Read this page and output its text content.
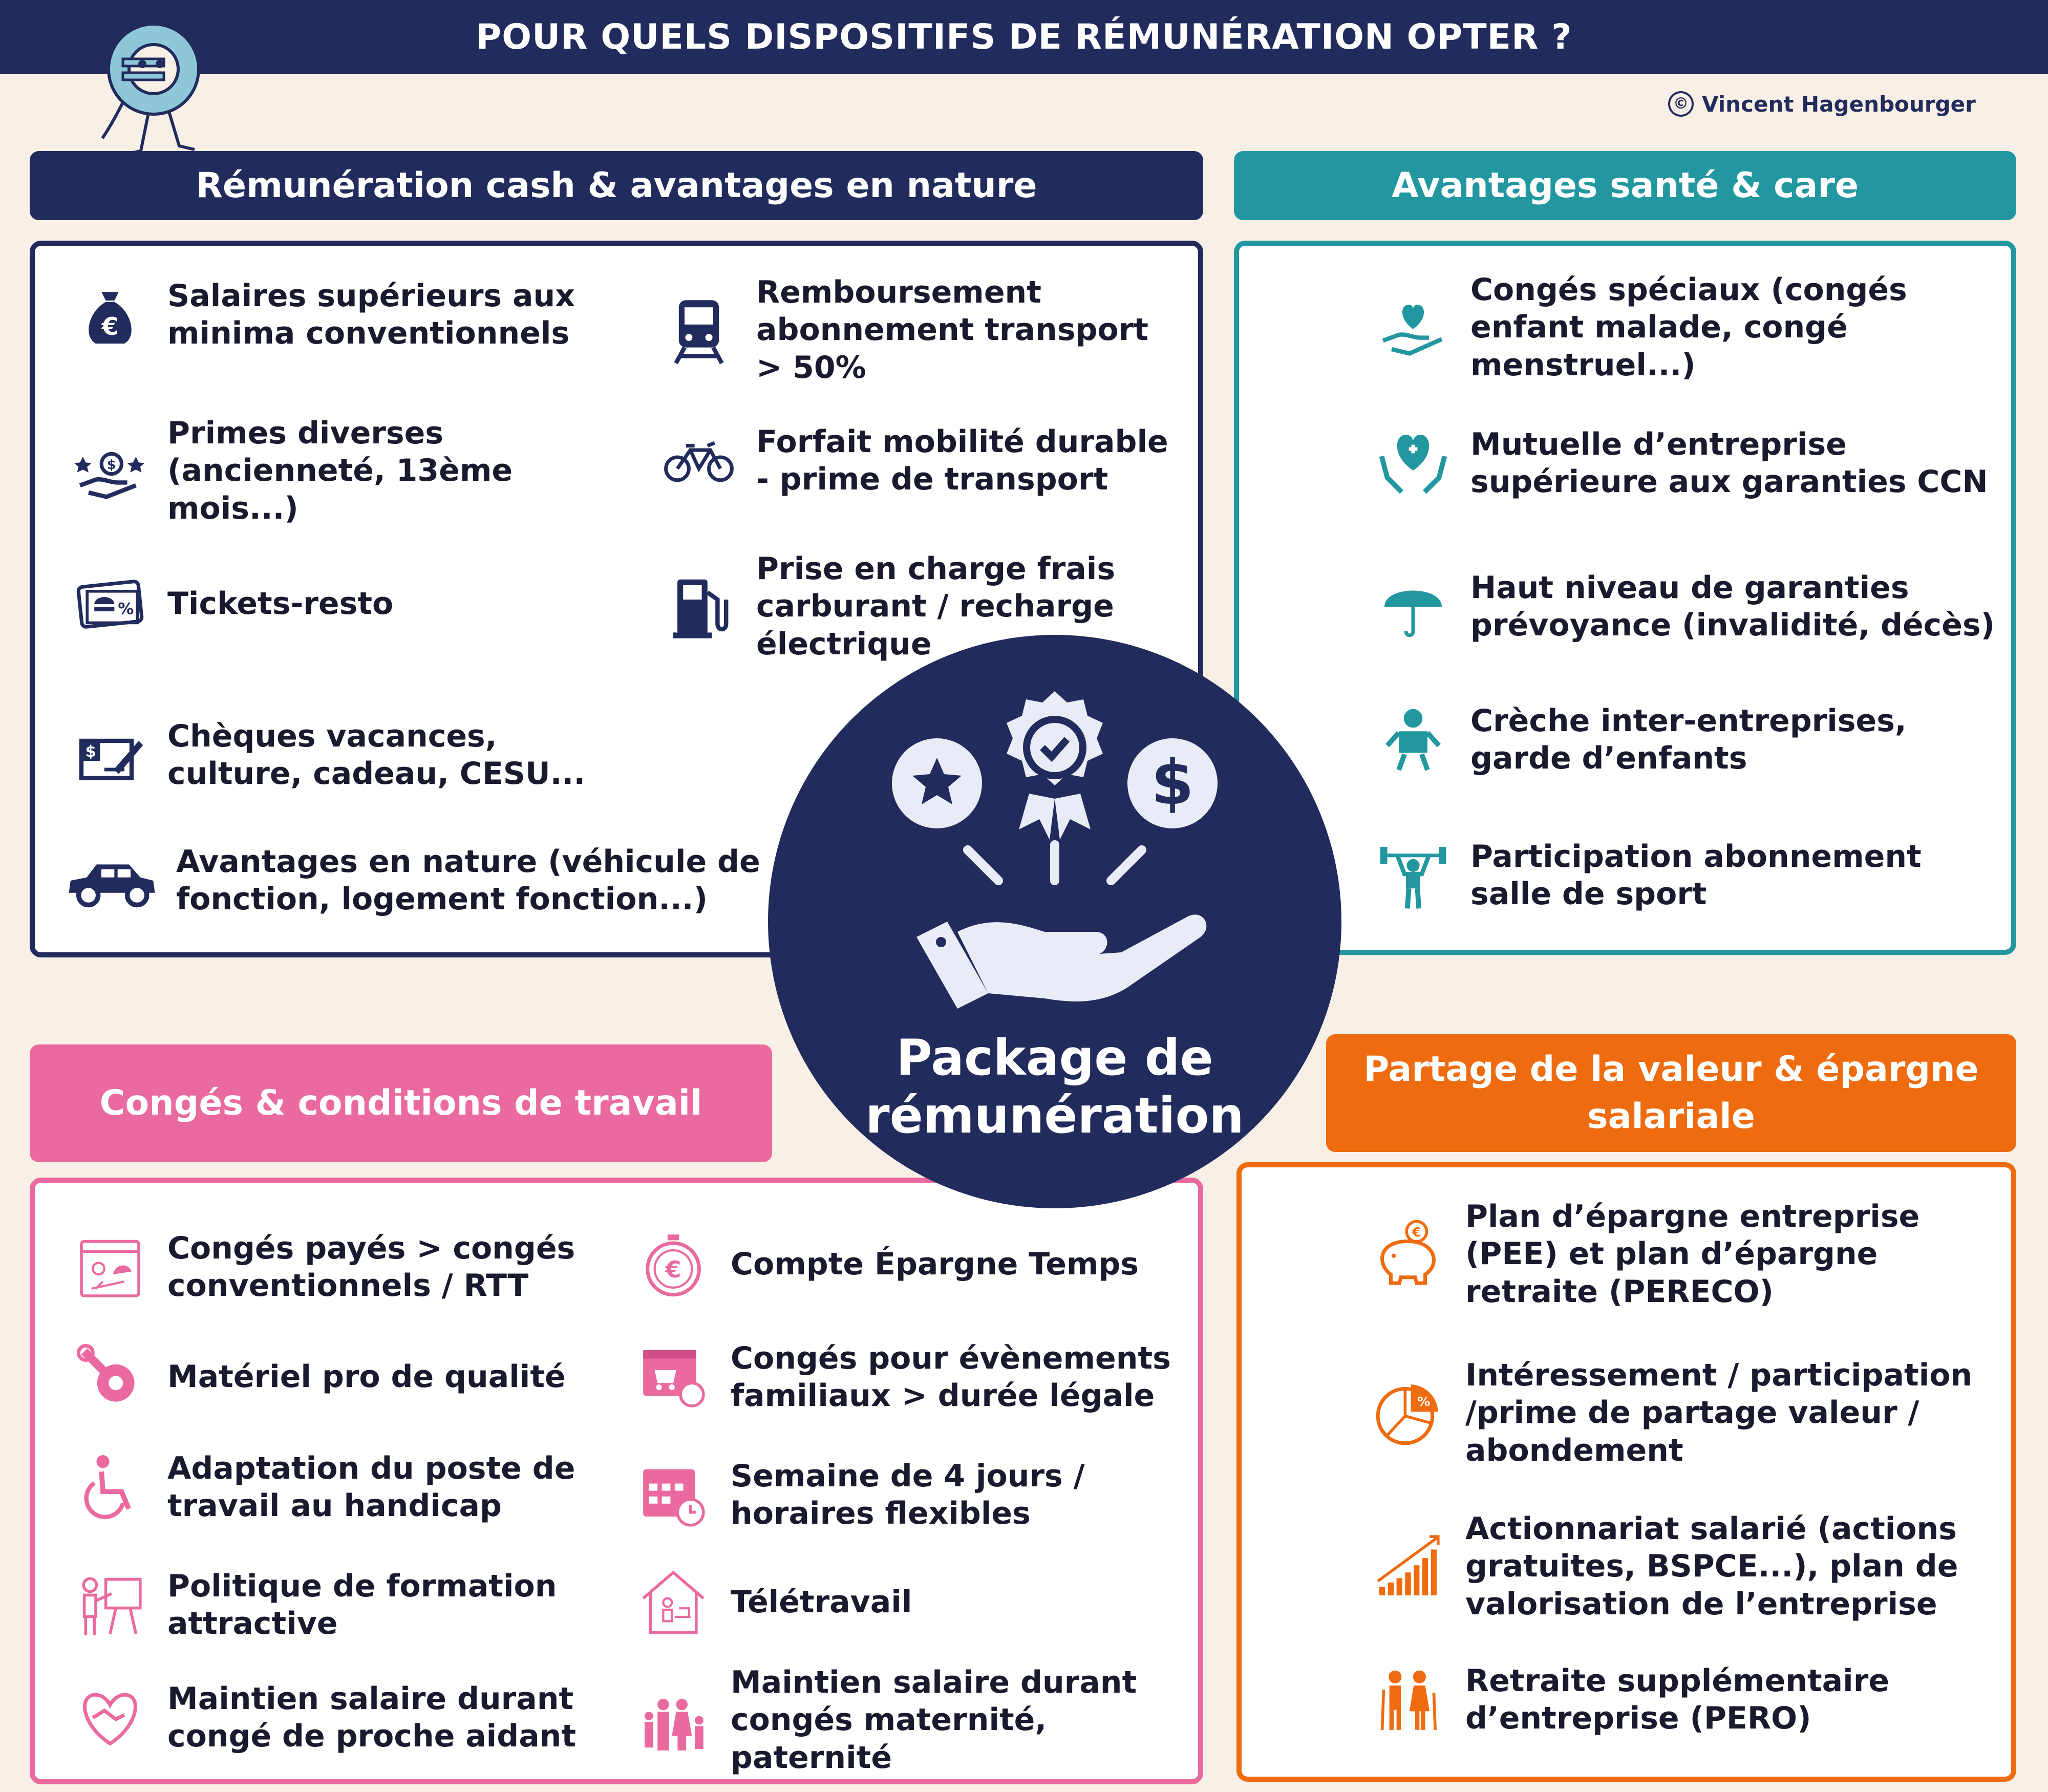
POUR QUELS DISPOSITIFS DE RÉMUNÉRATION OPTER ?
© Vincent Hagenbourger
Rémunération cash & avantages en nature
€
Salaires supérieurs aux minima conventionnels
$
Primes diverses (ancienneté, 13ème mois...)
% Tickets-resto
$ Chèques vacances, culture, cadeau, CESU...
Avantages en nature (véhicule de fonction, logement fonction...)
Remboursement abonnement transport > 50%
Forfait mobilité durable - prime de transport
Prise en charge frais carburant / recharge électrique
Avantages santé & care
Congés spéciaux (congés enfant malade, congé menstruel...)
Mutuelle d’entreprise supérieure aux garanties CCN
Haut niveau de garanties prévoyance (invalidité, décès)
Crèche inter-entreprises, garde d’enfants
Participation abonnement salle de sport
Congés & conditions de travail
Congés payés > congés conventionnels / RTT
Matériel pro de qualité
Adaptation du poste de travail au handicap
Politique de formation attractive
Maintien salaire durant congé de proche aidant
€ Compte Épargne Temps
Congés pour évènements familiaux > durée légale
Semaine de 4 jours / horaires flexibles
Télétravail
Maintien salaire durant congés maternité, paternité
Partage de la valeur & épargne salariale
€ Plan d’épargne entreprise (PEE) et plan d’épargne retraite (PERECO)
%
Intéressement / participation /prime de partage valeur / abondement
Actionnariat salarié (actions gratuites, BSPCE...), plan de valorisation de l’entreprise
Retraite supplémentaire d’entreprise (PERO)
$
Package de rémunération
